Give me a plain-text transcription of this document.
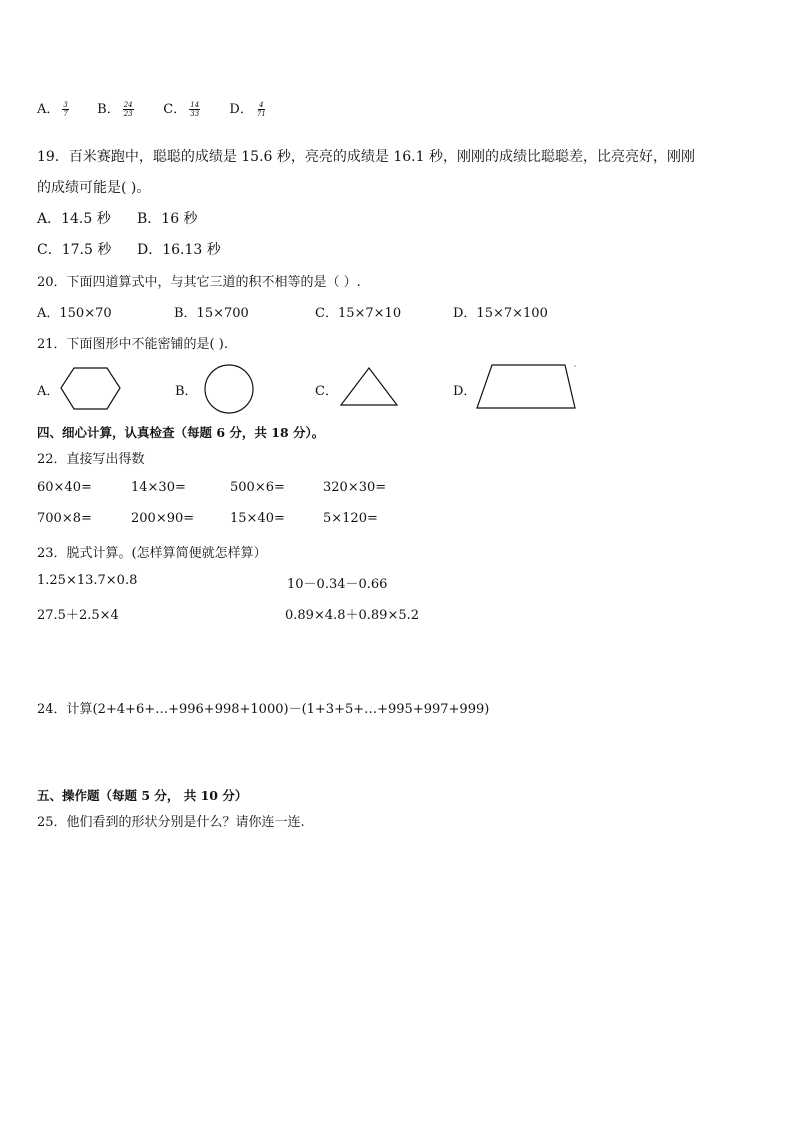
A． $\frac{3}{7}$ B． $\frac{24}{23}$ C． $\frac{14}{33}$ D． $\frac{4}{71}$
19．百米赛跑中，聪聪的成绩是 15.6 秒，亮亮的成绩是 16.1 秒，刚刚的成绩比聪聪差，比亮亮好，刚刚
的成绩可能是( )。
A．14.5 秒 B．16 秒
C．17.5 秒 D．16.13 秒
20．下面四道算式中，与其它三道的积不相等的是（ ）.
A．150×70	B．15×700	C．15×7×10	D．15×7×100
21．下面图形中不能密铺的是( ).
A．	B．	C．	D．
四、细心计算，认真检查（每题 6 分，共 18 分）。
22．直接写出得数
60×40=	14×30=	500×6=	320×30=
700×8=	200×90=	15×40=	5×120=
23．脱式计算。(怎样算简便就怎样算）
1.25×13.7×0.8	10－0.34－0.66
27.5＋2.5×4	0.89×4.8＋0.89×5.2
24．计算(2+4+6+…+996+998+1000)－(1+3+5+…+995+997+999)
五、操作题（每题 5 分， 共 10 分）
25．他们看到的形状分别是什么？请你连一连.
